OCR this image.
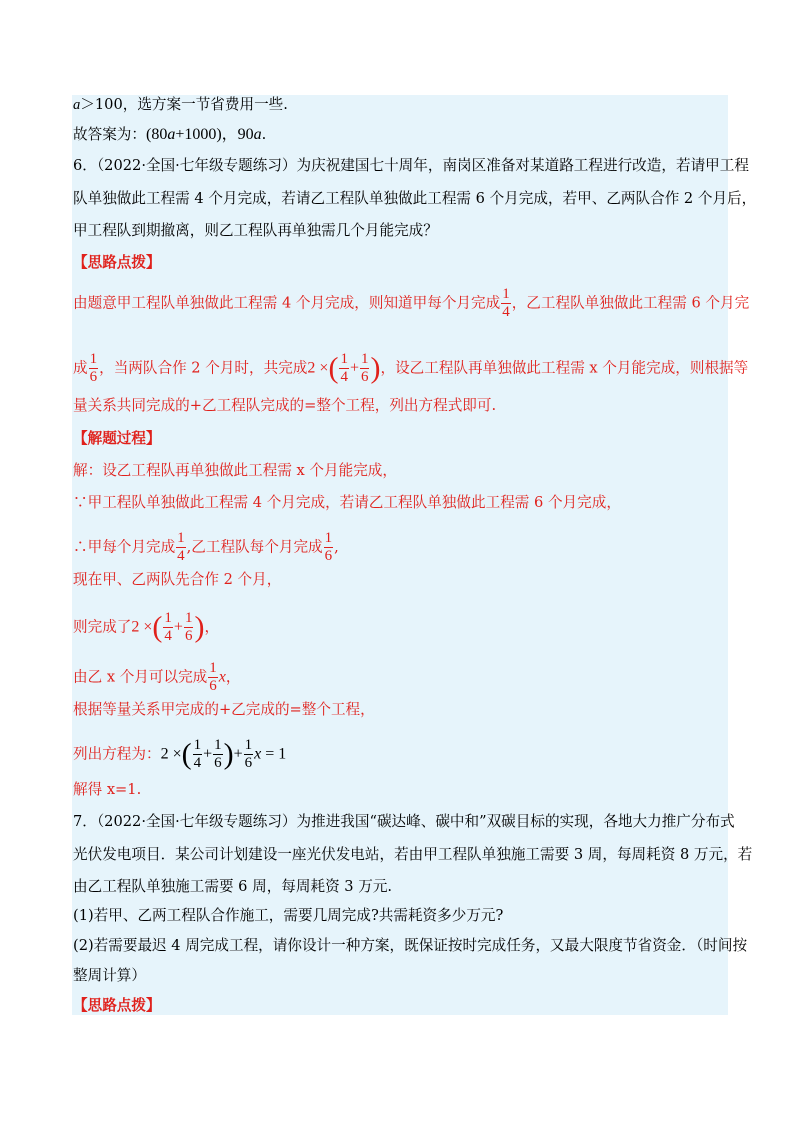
a＞100，选方案一节省费用一些.
故答案为：(80a+1000)，90a.
6．（2022·全国·七年级专题练习）为庆祝建国七十周年，南岗区准备对某道路工程进行改造，若请甲工程
队单独做此工程需 4 个月完成，若请乙工程队单独做此工程需 6 个月完成，若甲、乙两队合作 2 个月后，
甲工程队到期撤离，则乙工程队再单独需几个月能完成？
【思路点拨】
由题意甲工程队单独做此工程需 4 个月完成，则知道甲每个月完成 $\frac{1}{4}$ ，乙工程队单独做此工程需 6 个月完
成 $\frac{1}{6}$ ，当两队合作 2 个月时，共完成2 ×( $\frac{1}{4} + \frac{1}{6}$ )，设乙工程队再单独做此工程需 x 个月能完成，则根据等
量关系共同完成的+乙工程队完成的=整个工程，列出方程式即可.
【解题过程】
解：设乙工程队再单独做此工程需 x 个月能完成，
∵甲工程队单独做此工程需 4 个月完成，若请乙工程队单独做此工程需 6 个月完成，
∴甲每个月完成 $\frac{1}{4}$ ,乙工程队每个月完成 $\frac{1}{6}$ ,
现在甲、乙两队先合作 2 个月，
则完成了2 ×( $\frac{1}{4} + \frac{1}{6}$ )，
由乙 x 个月可以完成 $\frac{1}{6}$ x，
根据等量关系甲完成的+乙完成的=整个工程，
列出方程为：2 ×( $\frac{1}{4} + \frac{1}{6}$ )+ $\frac{1}{6}$ x = 1
解得 x=1.
7．（2022·全国·七年级专题练习）为推进我国“碳达峰、碳中和”双碳目标的实现，各地大力推广分布式
光伏发电项目．某公司计划建设一座光伏发电站，若由甲工程队单独施工需要 3 周，每周耗资 8 万元，若
由乙工程队单独施工需要 6 周，每周耗资 3 万元.
(1)若甲、乙两工程队合作施工，需要几周完成?共需耗资多少万元?
(2)若需要最迟 4 周完成工程，请你设计一种方案，既保证按时完成任务，又最大限度节省资金．（时间按
整周计算）
【思路点拨】
